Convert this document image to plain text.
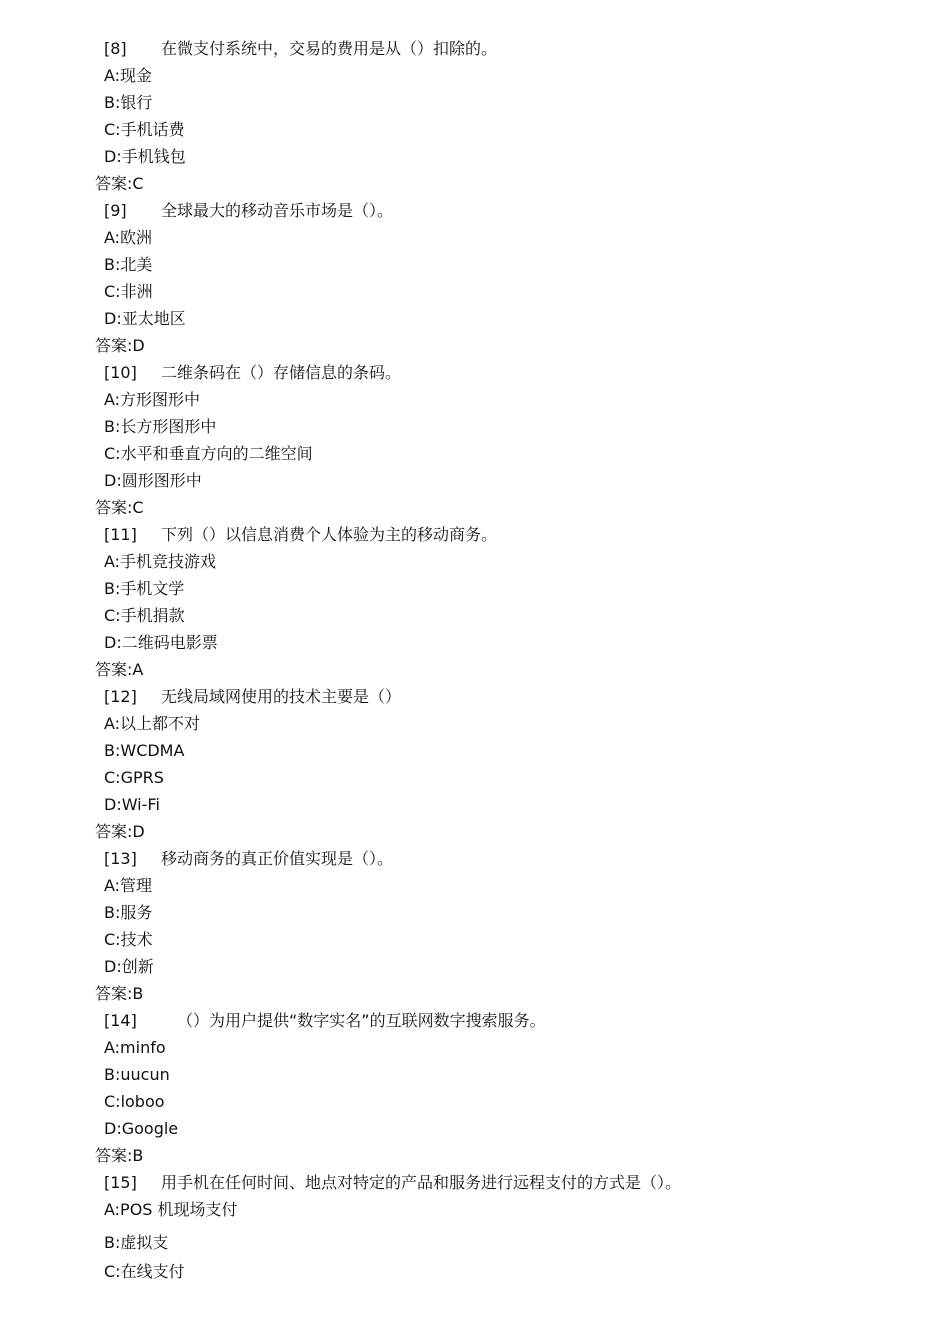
[8] 在微支付系统中，交易的费用是从（）扣除的。
A:现金
B:银行
C:手机话费
D:手机钱包
答案:C
[9] 全球最大的移动音乐市场是（）。
A:欧洲
B:北美
C:非洲
D:亚太地区
答案:D
[10] 二维条码在（）存储信息的条码。
A:方形图形中
B:长方形图形中
C:水平和垂直方向的二维空间
D:圆形图形中
答案:C
[11] 下列（）以信息消费个人体验为主的移动商务。
A:手机竞技游戏
B:手机文学
C:手机捐款
D:二维码电影票
答案:A
[12] 无线局域网使用的技术主要是（）
A:以上都不对
B:WCDMA
C:GPRS
D:Wi-Fi
答案:D
[13] 移动商务的真正价值实现是（）。
A:管理
B:服务
C:技术
D:创新
答案:B
[14]	（）为用户提供“数字实名”的互联网数字搜索服务。
A:minfo
B:uucun
C:loboo
D:Google
答案:B
[15] 用手机在任何时间、地点对特定的产品和服务进行远程支付的方式是（）。
A:POS 机现场支付
B:虚拟支
C:在线支付
